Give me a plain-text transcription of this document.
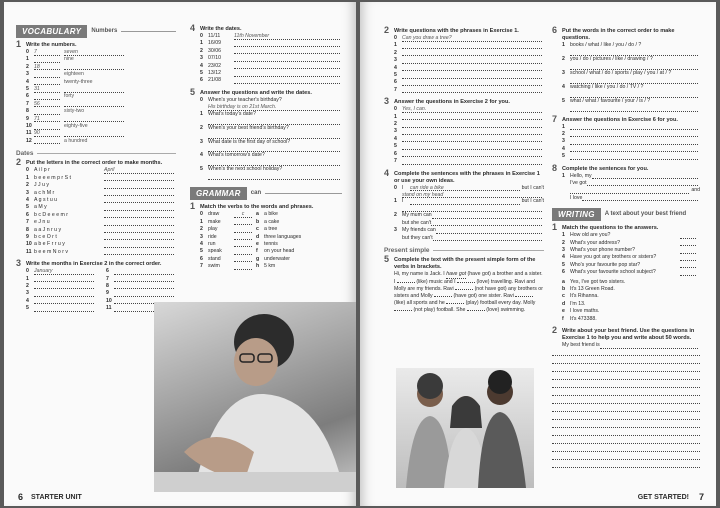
VOCABULARY	Numbers
1 Write the numbers.
0 7	seven
1	nine
2 18
3	eighteen
4	twenty-three
5 31
6	forty
7 56
8	sixty-two
9 71
10	eighty-five
11 90
12	a hundred
Dates
2 Put the letters in the correct order to make months.
0 A i l p r	April
1 b e e e m p r S t
2 J J u y
3 a c h M r
4 A g s t u u
5 a M y
6 b c D e e e m r
7 e J n u
8 a a J n r u y
9 b c e O r t
10 a b e F r r u y
11 b e e m N o r v
3 Write the months in Exercise 2 in the correct order.
0 January
1
2
3
4
5
6
7
8
9
10
11
4 Write the dates.
0 11/11	11th November
1 16/09
2 30/06
3 07/10
4 23/02
5 13/12
6 21/08
5 Answer the questions and write the dates.
0 When's your teacher's birthday?
His birthday is on 21st March.
1 What's today's date?
2 When's your best friend's birthday?
3 What date is the first day of school?
4 What's tomorrow's date?
5 When's the next school holiday?
GRAMMAR	can
1 Match the verbs to the words and phrases.
0 draw	c	a a bike
1 make	b a cake
2 play	c a tree
3 ride	d three languages
4 run	e tennis
5 speak	f	on your head
6 stand	g underwater
7 swim	h 5 km
6 STARTER UNIT
2 Write questions with the phrases in Exercise 1.
0 Can you draw a tree?
1
2
3
4
5
6
7
3 Answer the questions in Exercise 2 for you.
0 Yes, I can.
1
2
3
4
5
6
7
4 Complete the sentences with the phrases in Exercise 1 or use your own ideas.
0 I	can ride a bike	but I can't
stand on my head
1 I	but I can't
2 My mum can
but she can't
3 My friends can
but they can't
Present simple
5 Complete the text with the present simple form of the verbs in brackets.
Hi, my name is Jack. I have got (have got) a brother and a sister. I	(like) music and I	(love) travelling. Ravi and Molly are my friends. Ravi	(not have got) any brothers or sisters and Molly	(have got) one sister. Ravi  (like) all sports and he	(play) football every day. Molly  (not play) football. She	(love) swimming.
6 Put the words in the correct order to make questions.
1 books / what / like / you / do / ?
2 you / do / pictures / like / drawing / ?
3 school / what / do / sports / play / you / at / ?
4 watching / like / you / do / TV / ?
5 what / what / favourite / your / is / ?
7 Answer the questions in Exercise 6 for you.
1
2
3
4
5
8 Complete the sentences for you.
1 Hello, my
I've got
and
I love
WRITING	A text about your best friend
1 Match the questions to the answers.
1 How old are you?
2 What's your address?
3 What's your phone number?
4 Have you got any brothers or sisters?
5 Who's your favourite pop star?
6 What's your favourite school subject?
a Yes, I've got two sisters.
b It's 13 Green Road.
c It's Rihanna.
d I'm 13.
e I love maths.
f	It's 473388.
2 Write about your best friend. Use the questions in Exercise 1 to help you and write about 50 words.
My best friend is
GET STARTED! 7
